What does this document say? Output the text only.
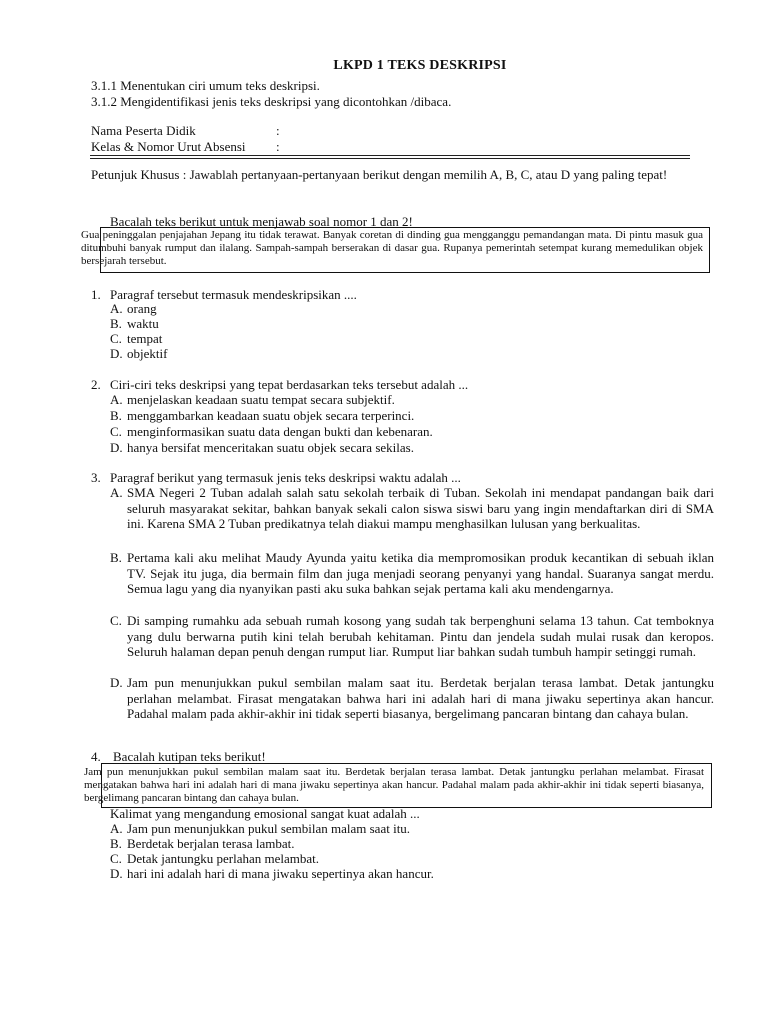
LKPD 1 TEKS DESKRIPSI
3.1.1 Menentukan ciri umum teks deskripsi.
3.1.2 Mengidentifikasi jenis teks deskripsi yang dicontohkan /dibaca.
Nama Peserta Didik	:
Kelas & Nomor Urut Absensi :
Petunjuk Khusus : Jawablah pertanyaan-pertanyaan berikut dengan memilih A, B, C, atau D yang paling tepat!
Bacalah teks berikut untuk menjawab soal nomor 1 dan 2!
Gua peninggalan penjajahan Jepang itu tidak terawat. Banyak coretan di dinding gua mengganggu pemandangan mata. Di pintu masuk gua ditumbuhi banyak rumput dan ilalang. Sampah-sampah berserakan di dasar gua. Rupanya pemerintah setempat kurang memedulikan objek bersejarah tersebut.
1. Paragraf tersebut termasuk mendeskripsikan ....
A. orang
B. waktu
C. tempat
D. objektif
2. Ciri-ciri teks deskripsi yang tepat berdasarkan teks tersebut adalah ...
A. menjelaskan keadaan suatu tempat secara subjektif.
B. menggambarkan keadaan suatu objek secara terperinci.
C. menginformasikan suatu data dengan bukti dan kebenaran.
D. hanya bersifat menceritakan suatu objek secara sekilas.
3. Paragraf berikut yang termasuk jenis teks deskripsi waktu adalah ...
A. SMA Negeri 2 Tuban adalah salah satu sekolah terbaik di Tuban. Sekolah ini mendapat pandangan baik dari seluruh masyarakat sekitar, bahkan banyak sekali calon siswa siswi baru yang ingin mendaftarkan diri di SMA ini. Karena SMA 2 Tuban predikatnya telah diakui mampu menghasilkan lulusan yang berkualitas.
B. Pertama kali aku melihat Maudy Ayunda yaitu ketika dia mempromosikan produk kecantikan di sebuah iklan TV. Sejak itu juga, dia bermain film dan juga menjadi seorang penyanyi yang handal. Suaranya sangat merdu. Semua lagu yang dia nyanyikan pasti aku suka bahkan sejak pertama kali aku mendengarnya.
C. Di samping rumahku ada sebuah rumah kosong yang sudah tak berpenghuni selama 13 tahun. Cat temboknya yang dulu berwarna putih kini telah berubah kehitaman. Pintu dan jendela sudah mulai rusak dan keropos. Seluruh halaman depan penuh dengan rumput liar. Rumput liar bahkan sudah tumbuh hampir setinggi rumah.
D. Jam pun menunjukkan pukul sembilan malam saat itu. Berdetak berjalan terasa lambat. Detak jantungku perlahan melambat. Firasat mengatakan bahwa hari ini adalah hari di mana jiwaku sepertinya akan hancur. Padahal malam pada akhir-akhir ini tidak seperti biasanya, bergelimang pancaran bintang dan cahaya bulan.
4. Bacalah kutipan teks berikut!
Jam pun menunjukkan pukul sembilan malam saat itu. Berdetak berjalan terasa lambat. Detak jantungku perlahan melambat. Firasat mengatakan bahwa hari ini adalah hari di mana jiwaku sepertinya akan hancur. Padahal malam pada akhir-akhir ini tidak seperti biasanya, bergelimang pancaran bintang dan cahaya bulan.
Kalimat yang mengandung emosional sangat kuat adalah ...
A. Jam pun menunjukkan pukul sembilan malam saat itu.
B. Berdetak berjalan terasa lambat.
C. Detak jantungku perlahan melambat.
D. hari ini adalah hari di mana jiwaku sepertinya akan hancur.
